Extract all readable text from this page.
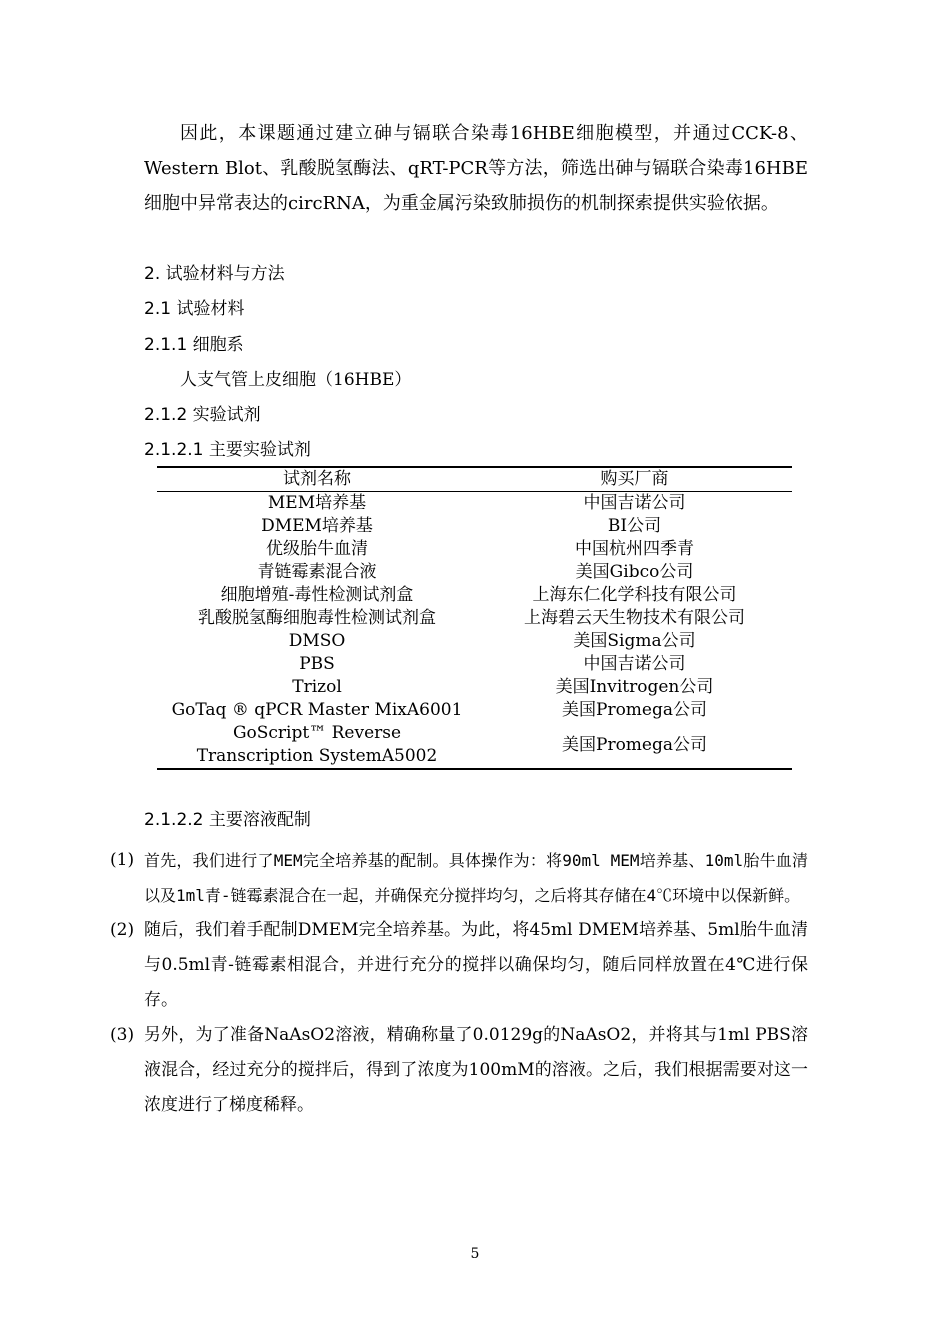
因此，本课题通过建立砷与镉联合染毒16HBE细胞模型，并通过CCK-8、Western Blot、乳酸脱氢酶法、qRT-PCR等方法，筛选出砷与镉联合染毒16HBE细胞中异常表达的circRNA，为重金属污染致肺损伤的机制探索提供实验依据。

2. 试验材料与方法
2.1 试验材料
2.1.1 细胞系
人支气管上皮细胞（16HBE）
2.1.2 实验试剂
2.1.2.1 主要实验试剂
试剂名称	购买厂商
MEM培养基	中国吉诺公司
DMEM培养基	BI公司
优级胎牛血清	中国杭州四季青
青链霉素混合液	美国Gibco公司
细胞增殖-毒性检测试剂盒	上海东仁化学科技有限公司
乳酸脱氢酶细胞毒性检测试剂盒	上海碧云天生物技术有限公司
DMSO	美国Sigma公司
PBS	中国吉诺公司
Trizol	美国Invitrogen公司
GoTaq ® qPCR Master MixA6001	美国Promega公司
GoScript™ Reverse Transcription SystemA5002	美国Promega公司
2.1.2.2 主要溶液配制
(1) 首先，我们进行了MEM完全培养基的配制。具体操作为：将90ml MEM培养基、10ml胎牛血清以及1ml青-链霉素混合在一起，并确保充分搅拌均匀，之后将其存储在4℃环境中以保新鲜。
(2) 随后，我们着手配制DMEM完全培养基。为此，将45ml DMEM培养基、5ml胎牛血清与0.5ml青-链霉素相混合，并进行充分的搅拌以确保均匀，随后同样放置在4℃进行保存。
(3) 另外，为了准备NaAsO2溶液，精确称量了0.0129g的NaAsO2，并将其与1ml PBS溶液混合，经过充分的搅拌后，得到了浓度为100mM的溶液。之后，我们根据需要对这一浓度进行了梯度稀释。
5
